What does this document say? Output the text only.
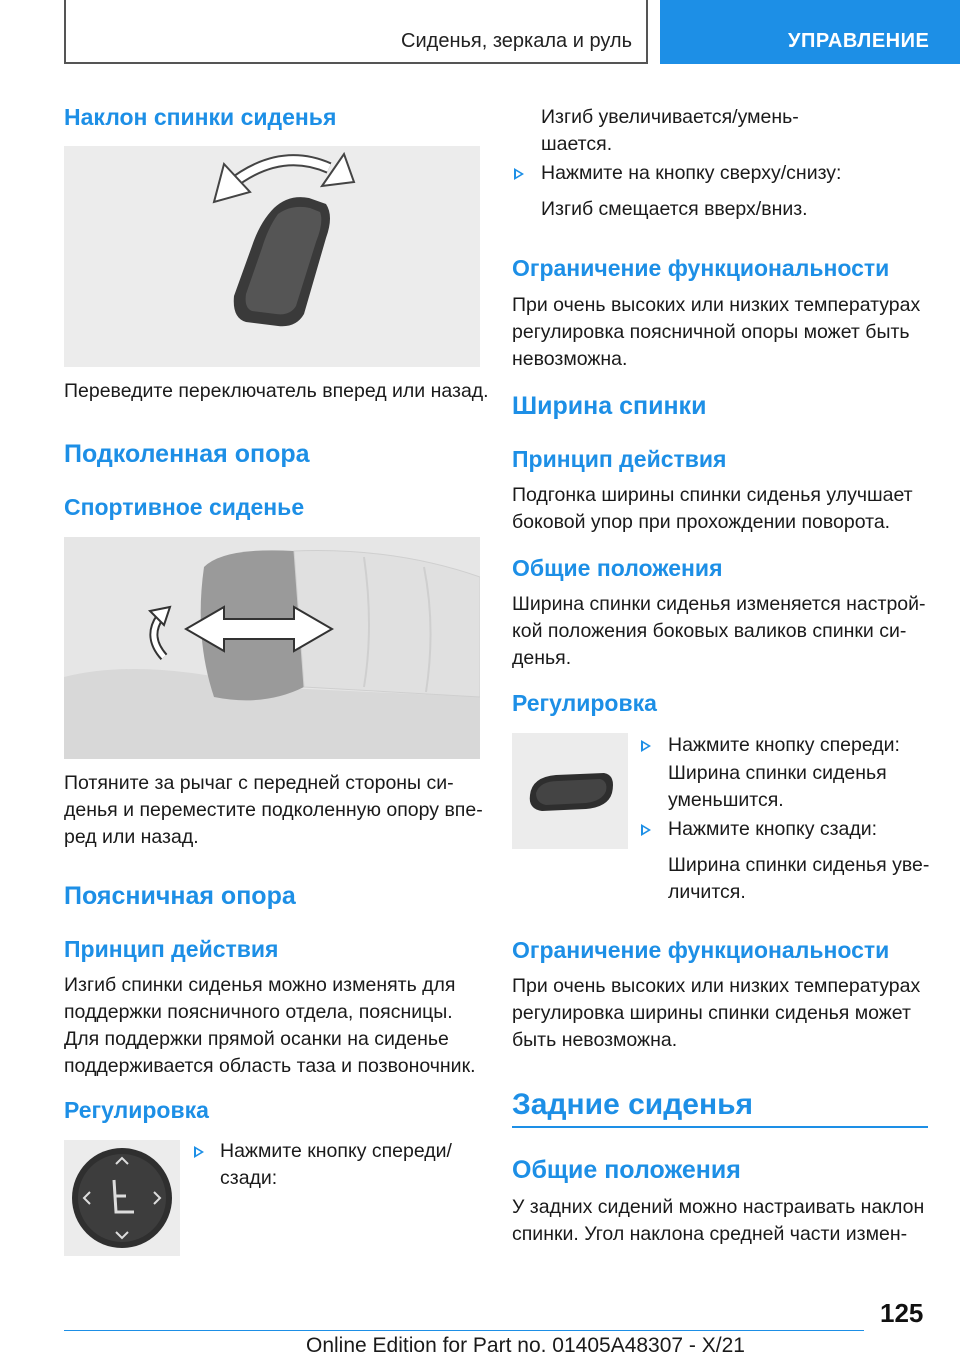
Сиденья, зеркала и руль	УПРАВЛЕНИЕ
Наклон спинки сиденья

Переведите переключатель вперед или назад.

Подколенная опора
Спортивное сиденье

Потяните за рычаг с передней стороны си-

денья и переместите подколенную опору впе-

ред или назад.

Поясничная опора
Принцип действия

Изгиб спинки сиденья можно изменять для

поддержки поясничного отдела, поясницы.

Для поддержки прямой осанки на сиденье

поддерживается область таза и позвоночник.

Регулировка

Нажмите кнопку спереди/

сзади:

Изгиб увеличивается/умень-

шается.

Нажмите на кнопку сверху/снизу:

Изгиб смещается вверх/вниз.

Ограничение функциональности

При очень высоких или низких температурах

регулировка поясничной опоры может быть

невозможна.

Ширина спинки
Принцип действия

Подгонка ширины спинки сиденья улучшает

боковой упор при прохождении поворота.

Общие положения

Ширина спинки сиденья изменяется настрой-

кой положения боковых валиков спинки си-

денья.

Регулировка

Нажмите кнопку спереди:

Ширина спинки сиденья

уменьшится.

Нажмите кнопку сзади:

Ширина спинки сиденья уве-

личится.

Ограничение функциональности

При очень высоких или низких температурах

регулировка ширины спинки сиденья может

быть невозможна.

Задние сиденья
Общие положения

У задних сидений можно настраивать наклон

спинки. Угол наклона средней части измен-

125
Online Edition for Part no. 01405A48307 - X/21
